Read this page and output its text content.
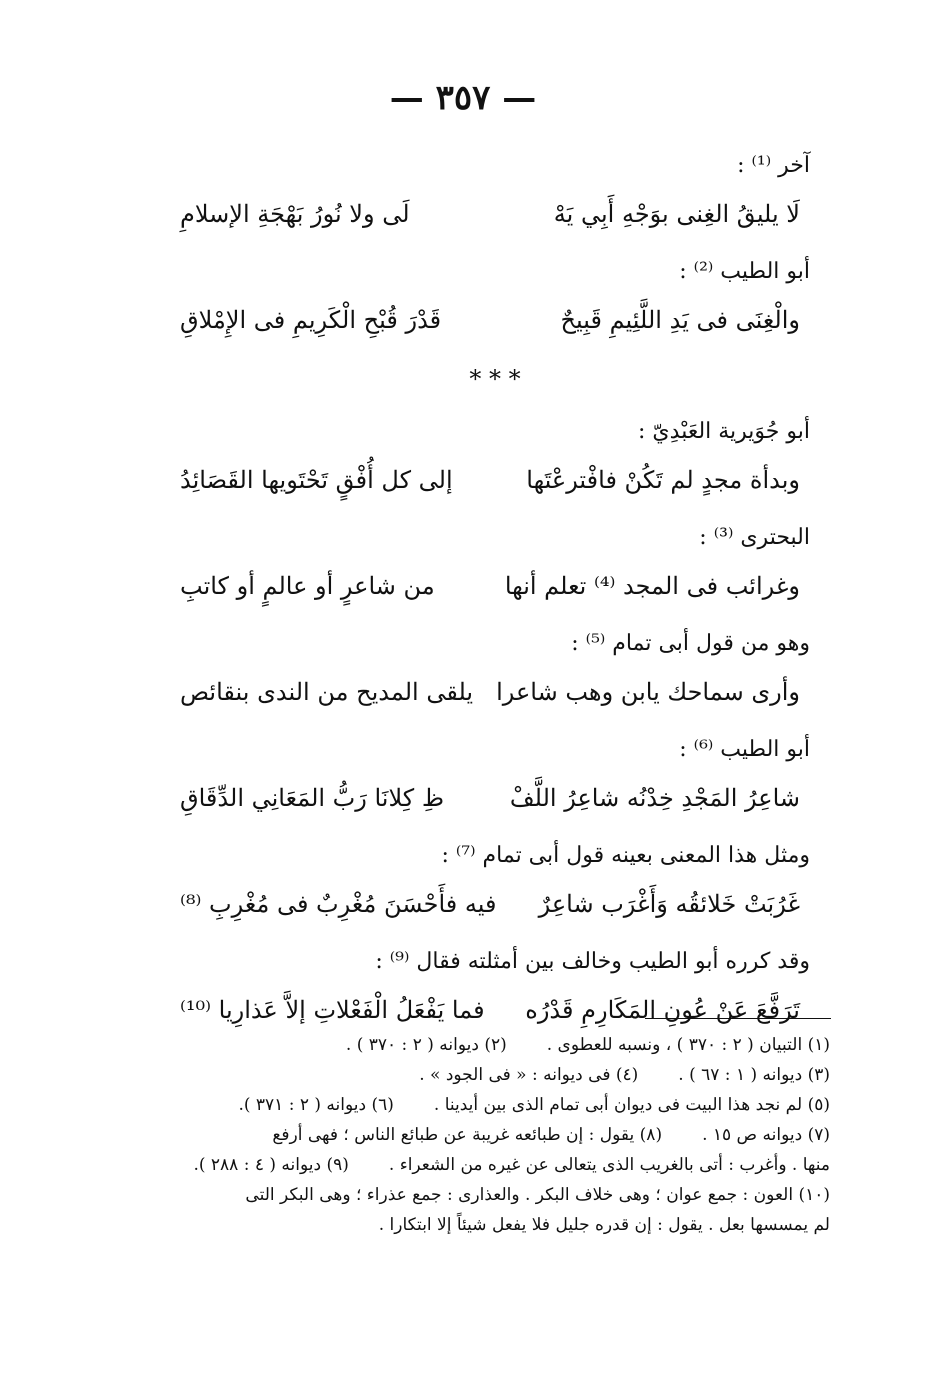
— ٣٥٧ —
آخر ⁽¹⁾ :
لَا يليقُ الغِنى بوَجْهِ أَبِي يَهْ
لَى ولا نُورُ بَهْجَةِ الإسلامِ
أبو الطيب ⁽²⁾ :
والْغِنَى فى يَدِ اللَّئِيمِ قَبِيحٌ
قَدْرَ قُبْحِ الْكَرِيمِ فى الإِمْلاقِ
* * *
أبو جُوَيرية العَبْدِيّ :
وبدأة مجدٍ لم تَكُنْ فافْترعْتَها
إلى كل أُفْقٍ تَحْتَويها القَصَائِدُ
البحترى ⁽³⁾ :
وغرائب فى المجد ⁽⁴⁾ تعلم أنها
من شاعرٍ أو عالمٍ أو كاتبِ
وهو من قول أبى تمام ⁽⁵⁾ :
وأرى سماحك يابن وهب شاعرا
يلقى المديح من الندى بنقائص
أبو الطيب ⁽⁶⁾ :
شاعِرُ المَجْدِ خِدْنُه شاعِرُ اللَّفْ
ظِ كِلانَا رَبُّ المَعَانِي الدِّقَاقِ
ومثل هذا المعنى بعينه قول أبى تمام ⁽⁷⁾ :
غَرُبَتْ خَلائقُه وَأَغْرَب شاعِرٌ
فيه فأَحْسَنَ مُغْرِبٌ فى مُغْرِبِ ⁽⁸⁾
وقد كرره أبو الطيب وخالف بين أمثلته فقال ⁽⁹⁾ :
تَرَفَّعَ عَنْ عُونِ المَكَارِمِ قَدْرُه
فما يَفْعَلُ الْفَعْلاتِ إلاَّ عَذارِيا ⁽¹⁰⁾
(١) التبيان ( ٢ : ٣٧٠ ) ، ونسبه للعطوى .(٢) ديوانه ( ٢ : ٣٧٠ ) .
(٣) ديوانه ( ١ : ٦٧ ) .(٤) فى ديوانه : « فى الجود » .
(٥) لم نجد هذا البيت فى ديوان أبى تمام الذى بين أيدينا .(٦) ديوانه ( ٢ : ٣٧١ ).
(٧) ديوانه ص ١٥ .(٨) يقول : إن طبائعه غريبة عن طبائع الناس ؛ فهى أرفع
منها . وأغرب : أتى بالغريب الذى يتعالى عن غيره من الشعراء .(٩) ديوانه ( ٤ : ٢٨٨ ).
(١٠) العون : جمع عوان ؛ وهى خلاف البكر . والعذارى : جمع عذراء ؛ وهى البكر التى
لم يمسسها بعل . يقول : إن قدره جليل فلا يفعل شيئاً إلا ابتكارا .
